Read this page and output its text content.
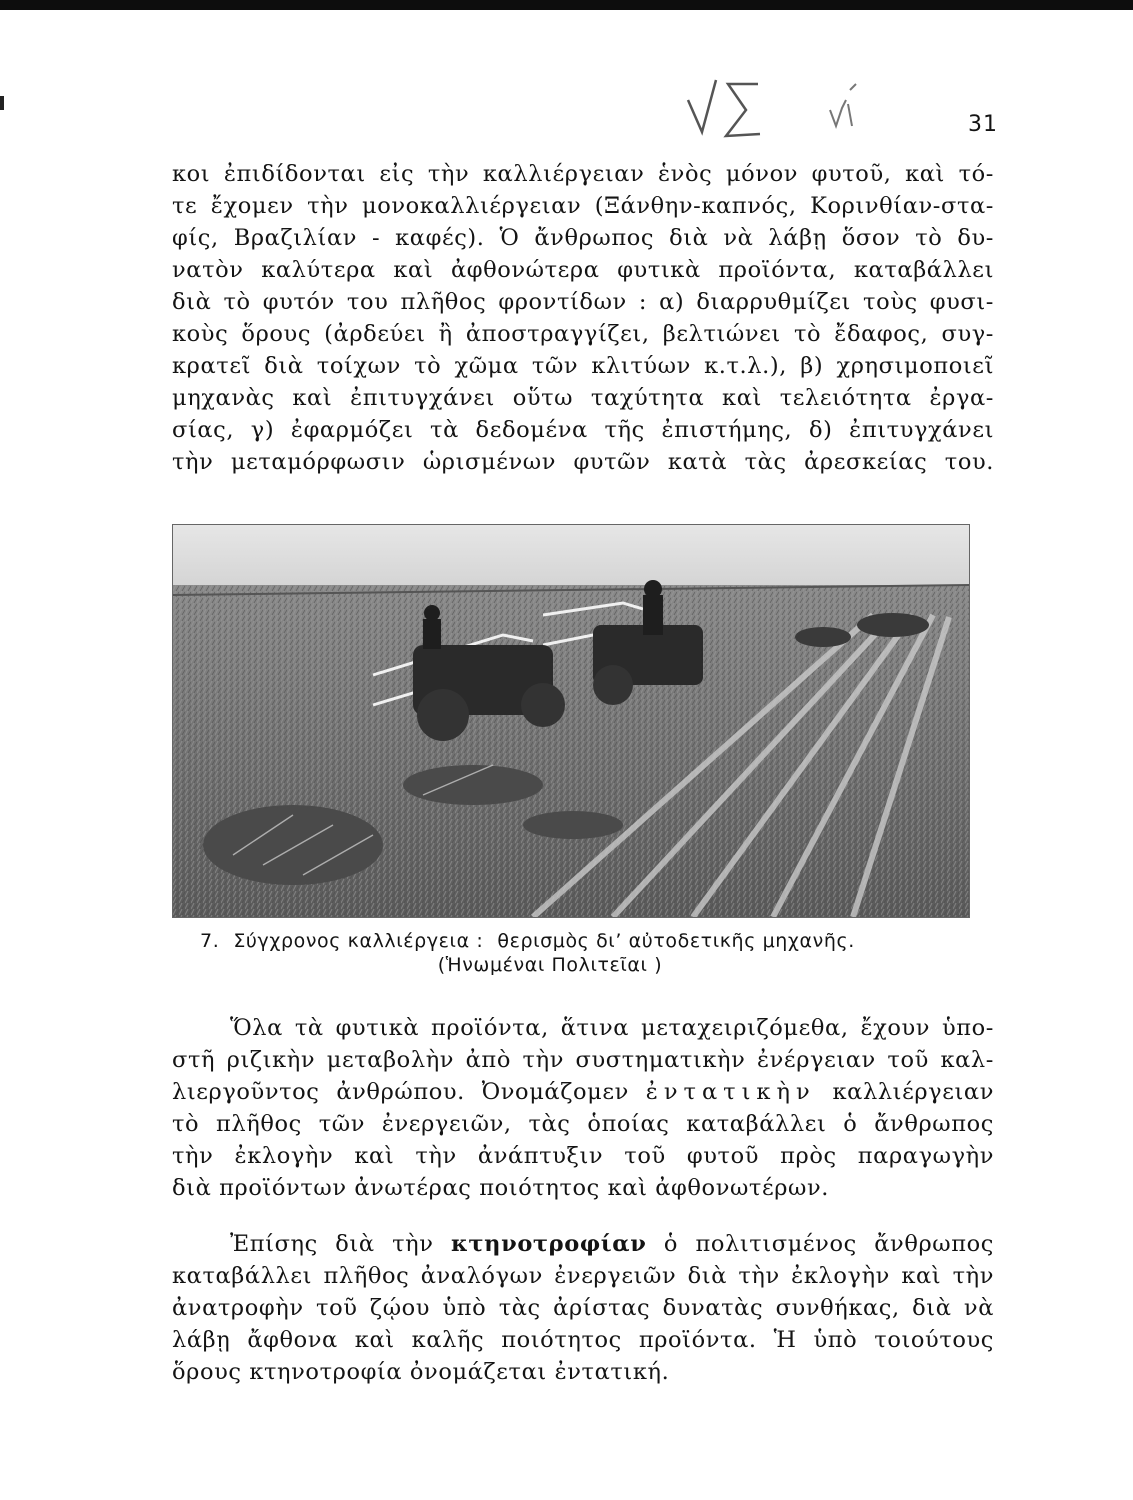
31

κοι ἐπιδίδονται εἰς τὴν καλλιέργειαν ἑνὸς μόνον φυτοῦ, καὶ τό-

τε ἔχομεν τὴν μονοκαλλιέργειαν (Ξάνθην-καπνός, Κορινθίαν-στα-

φίς, Βραζιλίαν - καφές). Ὁ ἄνθρωπος διὰ νὰ λάβῃ ὅσον τὸ δυ-

νατὸν καλύτερα καὶ ἀφθονώτερα φυτικὰ προϊόντα, καταβάλλει

διὰ τὸ φυτόν του πλῆθος φροντίδων : α) διαρρυθμίζει τοὺς φυσι-

κοὺς ὅρους (ἀρδεύει ἢ ἀποστραγγίζει, βελτιώνει τὸ ἔδαφος, συγ-

κρατεῖ διὰ τοίχων τὸ χῶμα τῶν κλιτύων κ.τ.λ.), β) χρησιμοποιεῖ

μηχανὰς καὶ ἐπιτυγχάνει οὕτω ταχύτητα καὶ τελειότητα ἐργα-

σίας, γ) ἐφαρμόζει τὰ δεδομένα τῆς ἐπιστήμης, δ) ἐπιτυγχάνει

τὴν μεταμόρφωσιν ὡρισμένων φυτῶν κατὰ τὰς ἀρεσκείας του.

7. Σύγχρονος καλλιέργεια : θερισμὸς δι’ αὐτοδετικῆς μηχανῆς.
(Ἡνωμέναι Πολιτεῖαι )

Ὅλα τὰ φυτικὰ προϊόντα, ἅτινα μεταχειριζόμεθα, ἔχουν ὑπο-

στῆ ριζικὴν μεταβολὴν ἀπὸ τὴν συστηματικὴν ἐνέργειαν τοῦ καλ-

λιεργοῦντος ἀνθρώπου. Ὀνομάζομεν ἐντατικὴν καλλιέργειαν

τὸ πλῆθος τῶν ἐνεργειῶν, τὰς ὁποίας καταβάλλει ὁ ἄνθρωπος

τὴν ἐκλογὴν καὶ τὴν ἀνάπτυξιν τοῦ φυτοῦ πρὸς παραγωγὴν

διὰ προϊόντων ἀνωτέρας ποιότητος καὶ ἀφθονωτέρων.

Ἐπίσης διὰ τὴν κτηνοτροφίαν ὁ πολιτισμένος ἄνθρωπος

καταβάλλει πλῆθος ἀναλόγων ἐνεργειῶν διὰ τὴν ἐκλογὴν καὶ τὴν

ἀνατροφὴν τοῦ ζῴου ὑπὸ τὰς ἀρίστας δυνατὰς συνθήκας, διὰ νὰ

λάβῃ ἄφθονα καὶ καλῆς ποιότητος προϊόντα. Ἡ ὑπὸ τοιούτους

ὅρους κτηνοτροφία ὀνομάζεται ἐντατική.
